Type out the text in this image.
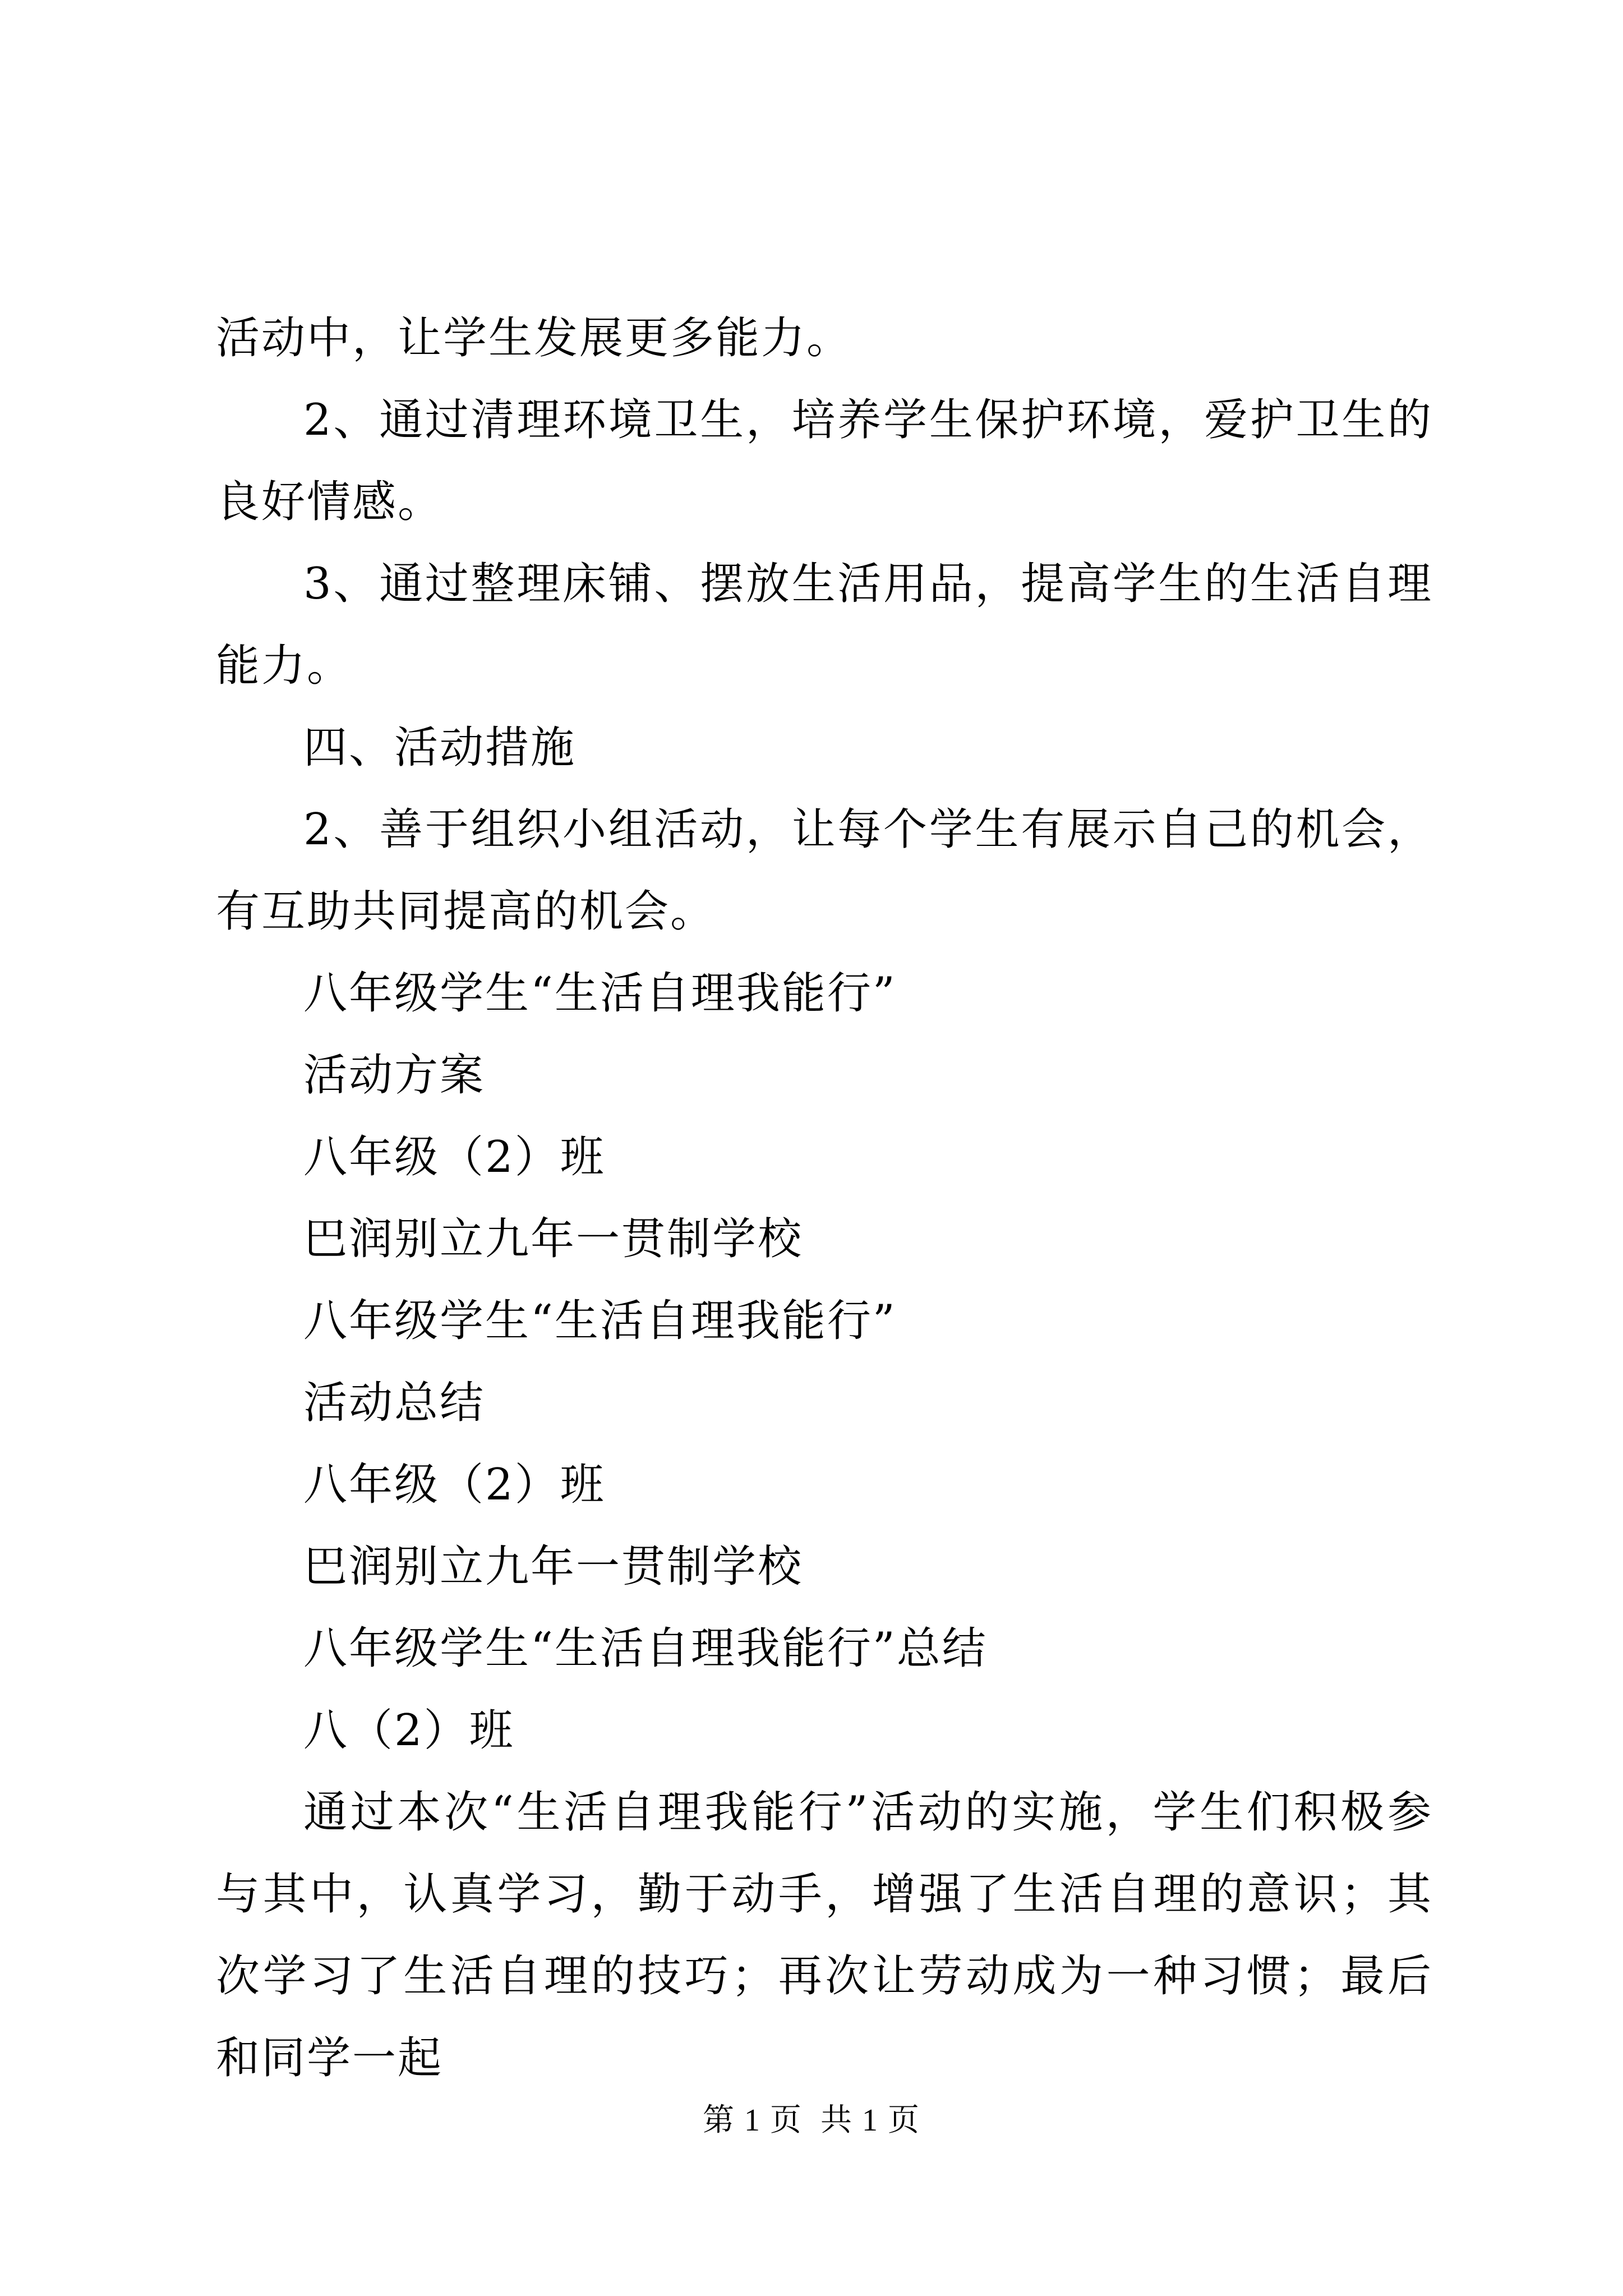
活动中，让学生发展更多能力。

2、通过清理环境卫生，培养学生保护环境，爱护卫生的良好情感。

3、通过整理床铺、摆放生活用品，提高学生的生活自理能力。

四、活动措施

2、善于组织小组活动，让每个学生有展示自己的机会，有互助共同提高的机会。

八年级学生“生活自理我能行”

活动方案

八年级（2）班

巴润别立九年一贯制学校

八年级学生“生活自理我能行”

活动总结

八年级（2）班

巴润别立九年一贯制学校

八年级学生“生活自理我能行”总结

八（2）班

通过本次“生活自理我能行”活动的实施，学生们积极参与其中，认真学习，勤于动手，增强了生活自理的意识；其次学习了生活自理的技巧；再次让劳动成为一种习惯；最后和同学一起

第 1 页  共 1 页
